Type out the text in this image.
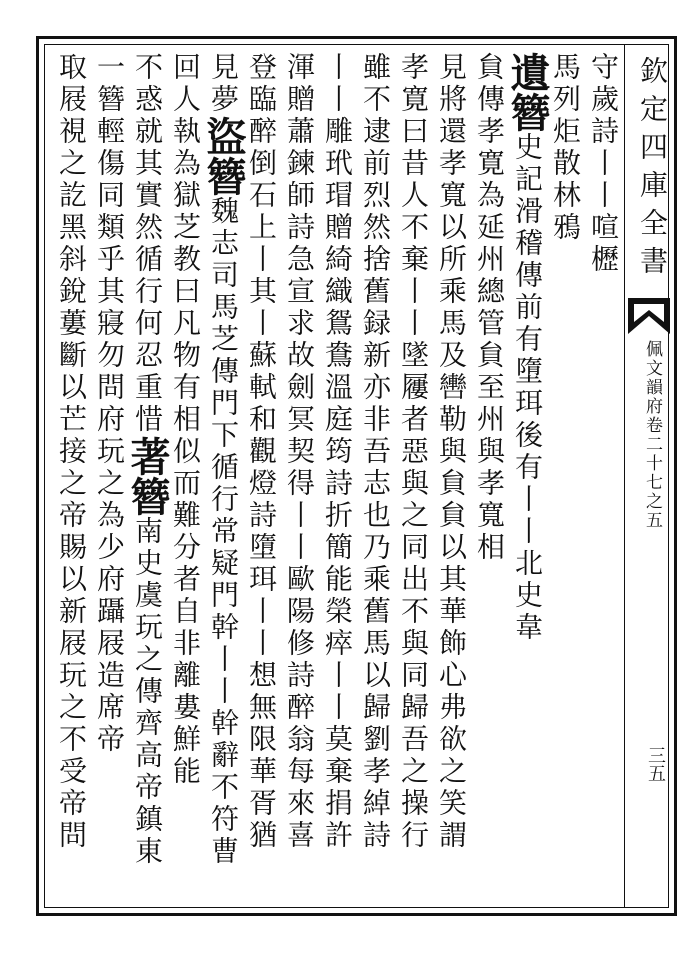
欽定四庫全書
佩文韻府卷二十七之五
三五
守歲詩丨丨喧櫪
馬列炬散林鴉
遺簪史記滑稽傳前有墮珥後有丨丨北史韋
貟傳孝寛為延州總管貟至州與孝寬相
見將還孝寬以所乘馬及轡勒與貟貟以其華飾心弗欲之笑謂
孝寛曰昔人不棄丨丨墜屨者惡與之同出不與同歸吾之操行
雖不逮前烈然捨舊録新亦非吾志也乃乘舊馬以歸劉孝綽詩
丨丨雕玳瑁贈綺織鴛鴦溫庭筠詩折簡能榮瘁丨丨莫棄捐許
渾贈蕭鍊師詩急宣求故劍冥契得丨丨歐陽修詩醉翁每來喜
登臨醉倒石上丨其丨蘇軾和觀燈詩墮珥丨丨想無限華胥猶
見夢盜簪魏志司馬芝傳門下循行常疑門幹丨丨幹辭不符曹
回人執為獄芝教曰凡物有相似而難分者自非離婁鮮能
不惑就其實然循行何忍重惜著簪南史虞玩之傳齊高帝鎮東
一簪輕傷同類乎其寢勿問府玩之為少府躡屐造席帝
取屐視之訖黑斜銳蔞斷以芒接之帝賜以新屐玩之不受帝問
